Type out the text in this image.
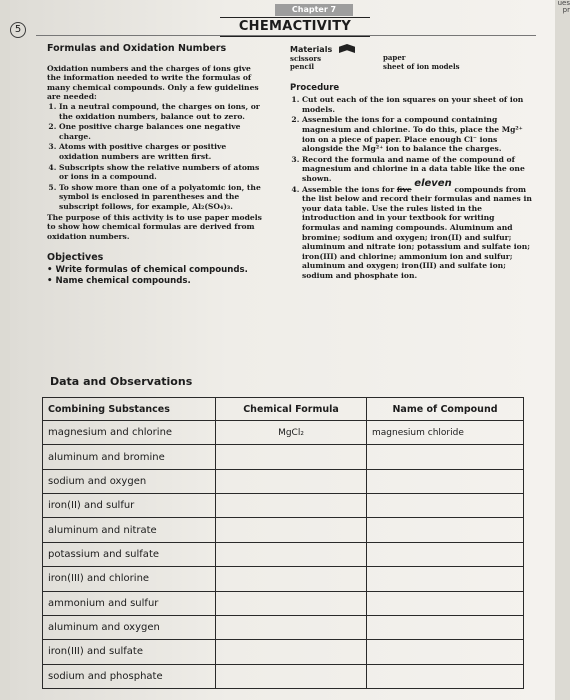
ues
pr
5
Chapter 7
CHEMACTIVITY
Formulas and Oxidation Numbers

Oxidation numbers and the charges of ions give the information needed to write the formulas of many chemical compounds. Only a few guidelines are needed:

1. In a neutral compound, the charges on ions, or the oxidation numbers, balance out to zero.
2. One positive charge balances one negative charge.
3. Atoms with positive charges or positive oxidation numbers are written first.
4. Subscripts show the relative numbers of atoms or ions in a compound.
5. To show more than one of a polyatomic ion, the symbol is enclosed in parentheses and the subscript follows, for example, Al₂(SO₄)₃.

The purpose of this activity is to use paper models to show how chemical formulas are derived from oxidation numbers.

Objectives
• Write formulas of chemical compounds.
• Name chemical compounds.
Materials
scissors
pencil
paper
sheet of ion models
Procedure
1. Cut out each of the ion squares on your sheet of ion models.
2. Assemble the ions for a compound containing magnesium and chlorine. To do this, place the Mg²⁺ ion on a piece of paper. Place enough Cl⁻ ions alongside the Mg²⁺ ion to balance the charges.
3. Record the formula and name of the compound of magnesium and chlorine in a data table like the one shown.
4. Assemble the ions for five eleven compounds from the list below and record their formulas and names in your data table. Use the rules listed in the introduction and in your textbook for writing formulas and naming compounds. Aluminum and bromine; sodium and oxygen; iron(II) and sulfur; aluminum and nitrate ion; potassium and sulfate ion; iron(III) and chlorine; ammonium ion and sulfur; aluminum and oxygen; iron(III) and sulfate ion; sodium and phosphate ion.
Data and Observations
Combining Substances	Chemical Formula	Name of Compound
magnesium and chlorine	MgCl₂	magnesium chloride
aluminum and bromine		
sodium and oxygen		
iron(II) and sulfur		
aluminum and nitrate		
potassium and sulfate		
iron(III) and chlorine		
ammonium and sulfur		
aluminum and oxygen		
iron(III) and sulfate		
sodium and phosphate		
